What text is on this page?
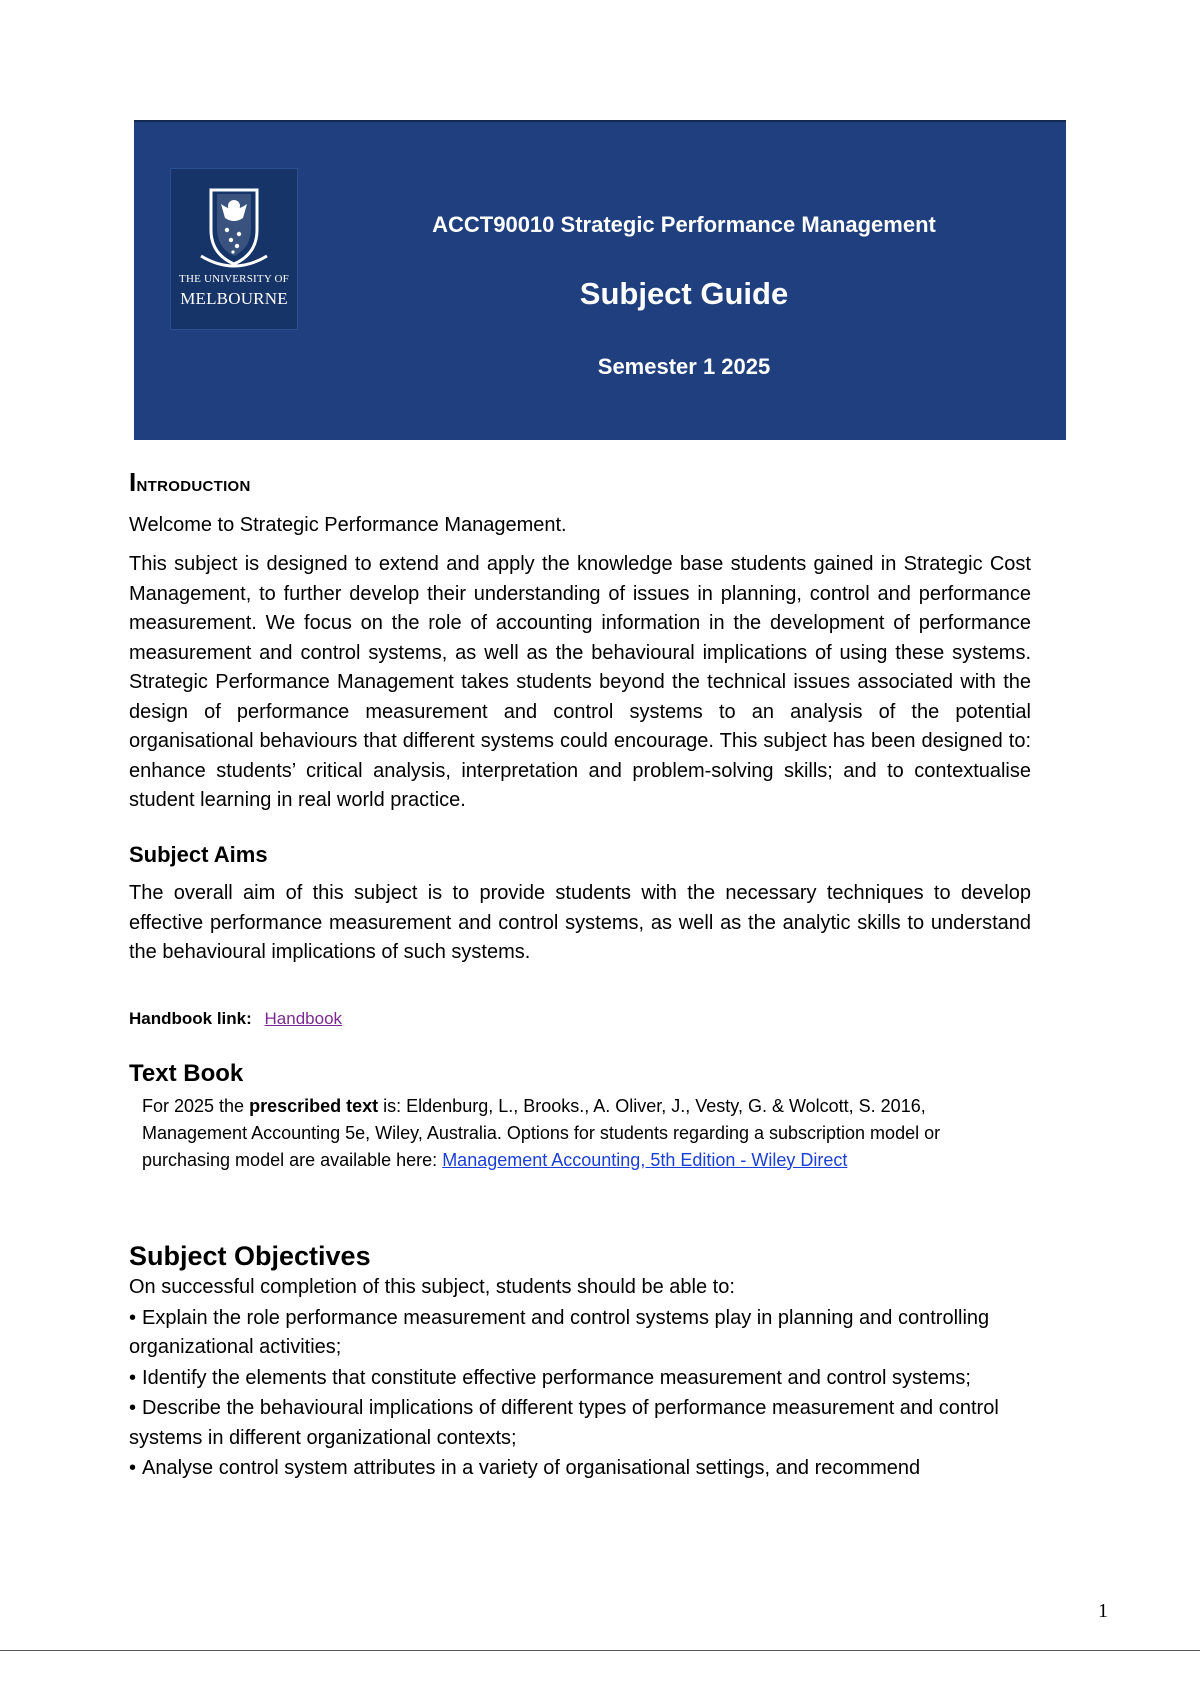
THE UNIVERSITY OF
MELBOURNE
ACCT90010 Strategic Performance Management
Subject Guide
Semester 1 2025
Introduction
Welcome to Strategic Performance Management.
This subject is designed to extend and apply the knowledge base students gained in Strategic Cost Management, to further develop their understanding of issues in planning, control and performance measurement. We focus on the role of accounting information in the development of performance measurement and control systems, as well as the behavioural implications of using these systems. Strategic Performance Management takes students beyond the technical issues associated with the design of performance measurement and control systems to an analysis of the potential organisational behaviours that different systems could encourage. This subject has been designed to: enhance students’ critical analysis, interpretation and problem-solving skills; and to contextualise student learning in real world practice.
Subject Aims
The overall aim of this subject is to provide students with the necessary techniques to develop effective performance measurement and control systems, as well as the analytic skills to understand the behavioural implications of such systems.
Handbook link: Handbook
Text Book

For 2025 the prescribed text is: Eldenburg, L., Brooks., A. Oliver, J., Vesty, G. & Wolcott, S. 2016, Management Accounting 5e, Wiley, Australia. Options for students regarding a subscription model or purchasing model are available here: Management Accounting, 5th Edition - Wiley Direct

Subject Objectives
On successful completion of this subject, students should be able to:
• Explain the role performance measurement and control systems play in planning and controlling organizational activities;
• Identify the elements that constitute effective performance measurement and control systems;
• Describe the behavioural implications of different types of performance measurement and control systems in different organizational contexts;
• Analyse control system attributes in a variety of organisational settings, and recommend
1
